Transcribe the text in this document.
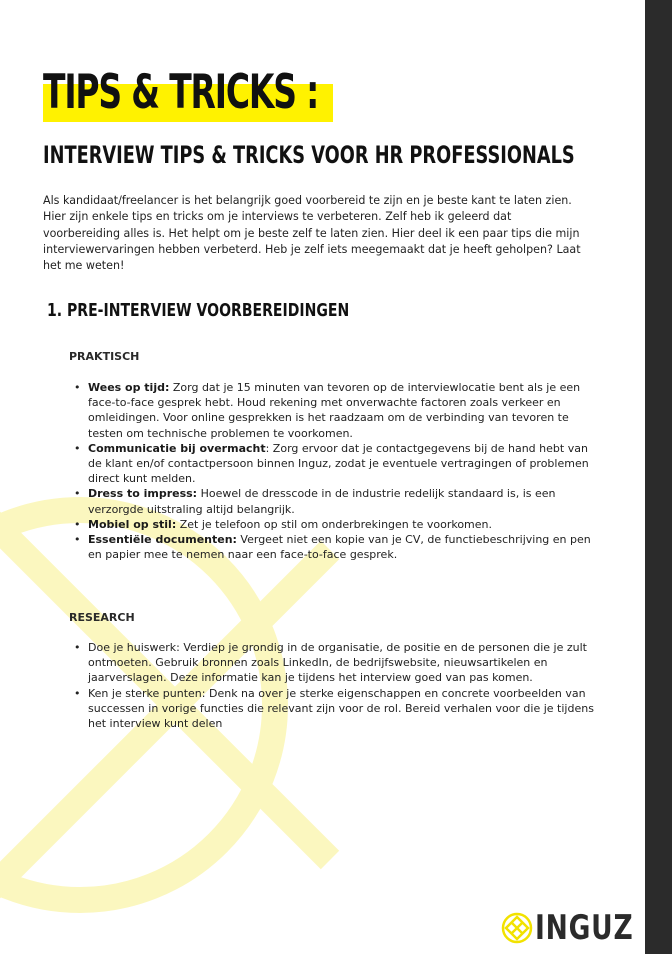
TIPS & TRICKS :
INTERVIEW TIPS & TRICKS VOOR HR PROFESSIONALS

Als kandidaat/freelancer is het belangrijk goed voorbereid te zijn en je beste kant te laten zien. Hier zijn enkele tips en tricks om je interviews te verbeteren. Zelf heb ik geleerd dat voorbereiding alles is. Het helpt om je beste zelf te laten zien. Hier deel ik een paar tips die mijn interviewervaringen hebben verbeterd. Heb je zelf iets meegemaakt dat je heeft geholpen? Laat het me weten!

1. PRE-INTERVIEW VOORBEREIDINGEN
PRAKTISCH
• Wees op tijd: Zorg dat je 15 minuten van tevoren op de interviewlocatie bent als je een face-to-face gesprek hebt. Houd rekening met onverwachte factoren zoals verkeer en omleidingen. Voor online gesprekken is het raadzaam om de verbinding van tevoren te testen om technische problemen te voorkomen.
• Communicatie bij overmacht: Zorg ervoor dat je contactgegevens bij de hand hebt van de klant en/of contactpersoon binnen Inguz, zodat je eventuele vertragingen of problemen direct kunt melden.
• Dress to impress: Hoewel de dresscode in de industrie redelijk standaard is, is een verzorgde uitstraling altijd belangrijk.
• Mobiel op stil: Zet je telefoon op stil om onderbrekingen te voorkomen.
• Essentiële documenten: Vergeet niet een kopie van je CV, de functiebeschrijving en pen en papier mee te nemen naar een face-to-face gesprek.
RESEARCH
• Doe je huiswerk: Verdiep je grondig in de organisatie, de positie en de personen die je zult ontmoeten. Gebruik bronnen zoals LinkedIn, de bedrijfswebsite, nieuwsartikelen en jaarverslagen. Deze informatie kan je tijdens het interview goed van pas komen.
• Ken je sterke punten: Denk na over je sterke eigenschappen en concrete voorbeelden van successen in vorige functies die relevant zijn voor de rol. Bereid verhalen voor die je tijdens het interview kunt delen
INGUZ
